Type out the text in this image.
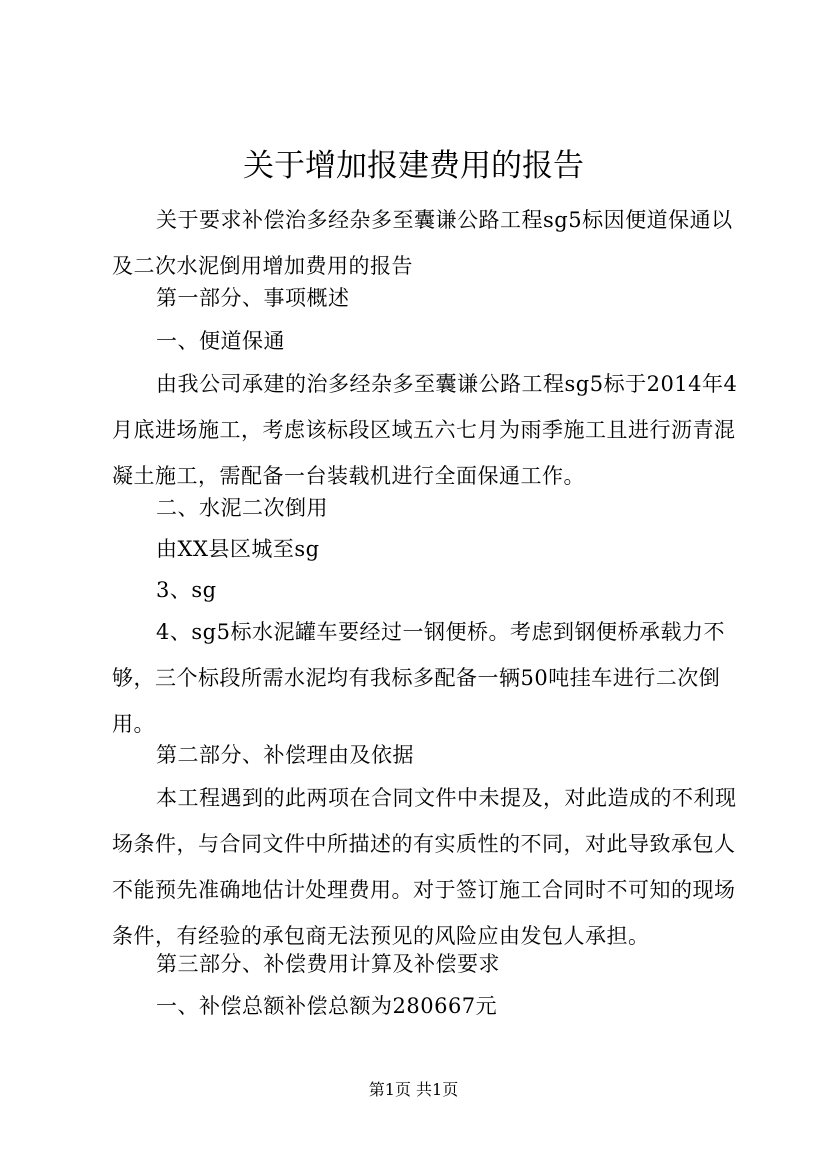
关于增加报建费用的报告

关于要求补偿治多经杂多至囊谦公路工程sg5标因便道保通以及二次水泥倒用增加费用的报告

第一部分、事项概述

一、便道保通

由我公司承建的治多经杂多至囊谦公路工程sg5标于2014年4月底进场施工，考虑该标段区域五六七月为雨季施工且进行沥青混凝土施工，需配备一台装载机进行全面保通工作。

二、水泥二次倒用

由XX县区城至sg

3、sg

4、sg5标水泥罐车要经过一钢便桥。考虑到钢便桥承载力不够，三个标段所需水泥均有我标多配备一辆50吨挂车进行二次倒用。

第二部分、补偿理由及依据

本工程遇到的此两项在合同文件中未提及，对此造成的不利现场条件，与合同文件中所描述的有实质性的不同，对此导致承包人不能预先准确地估计处理费用。对于签订施工合同时不可知的现场条件，有经验的承包商无法预见的风险应由发包人承担。

第三部分、补偿费用计算及补偿要求

一、补偿总额补偿总额为280667元

第1页 共1页
